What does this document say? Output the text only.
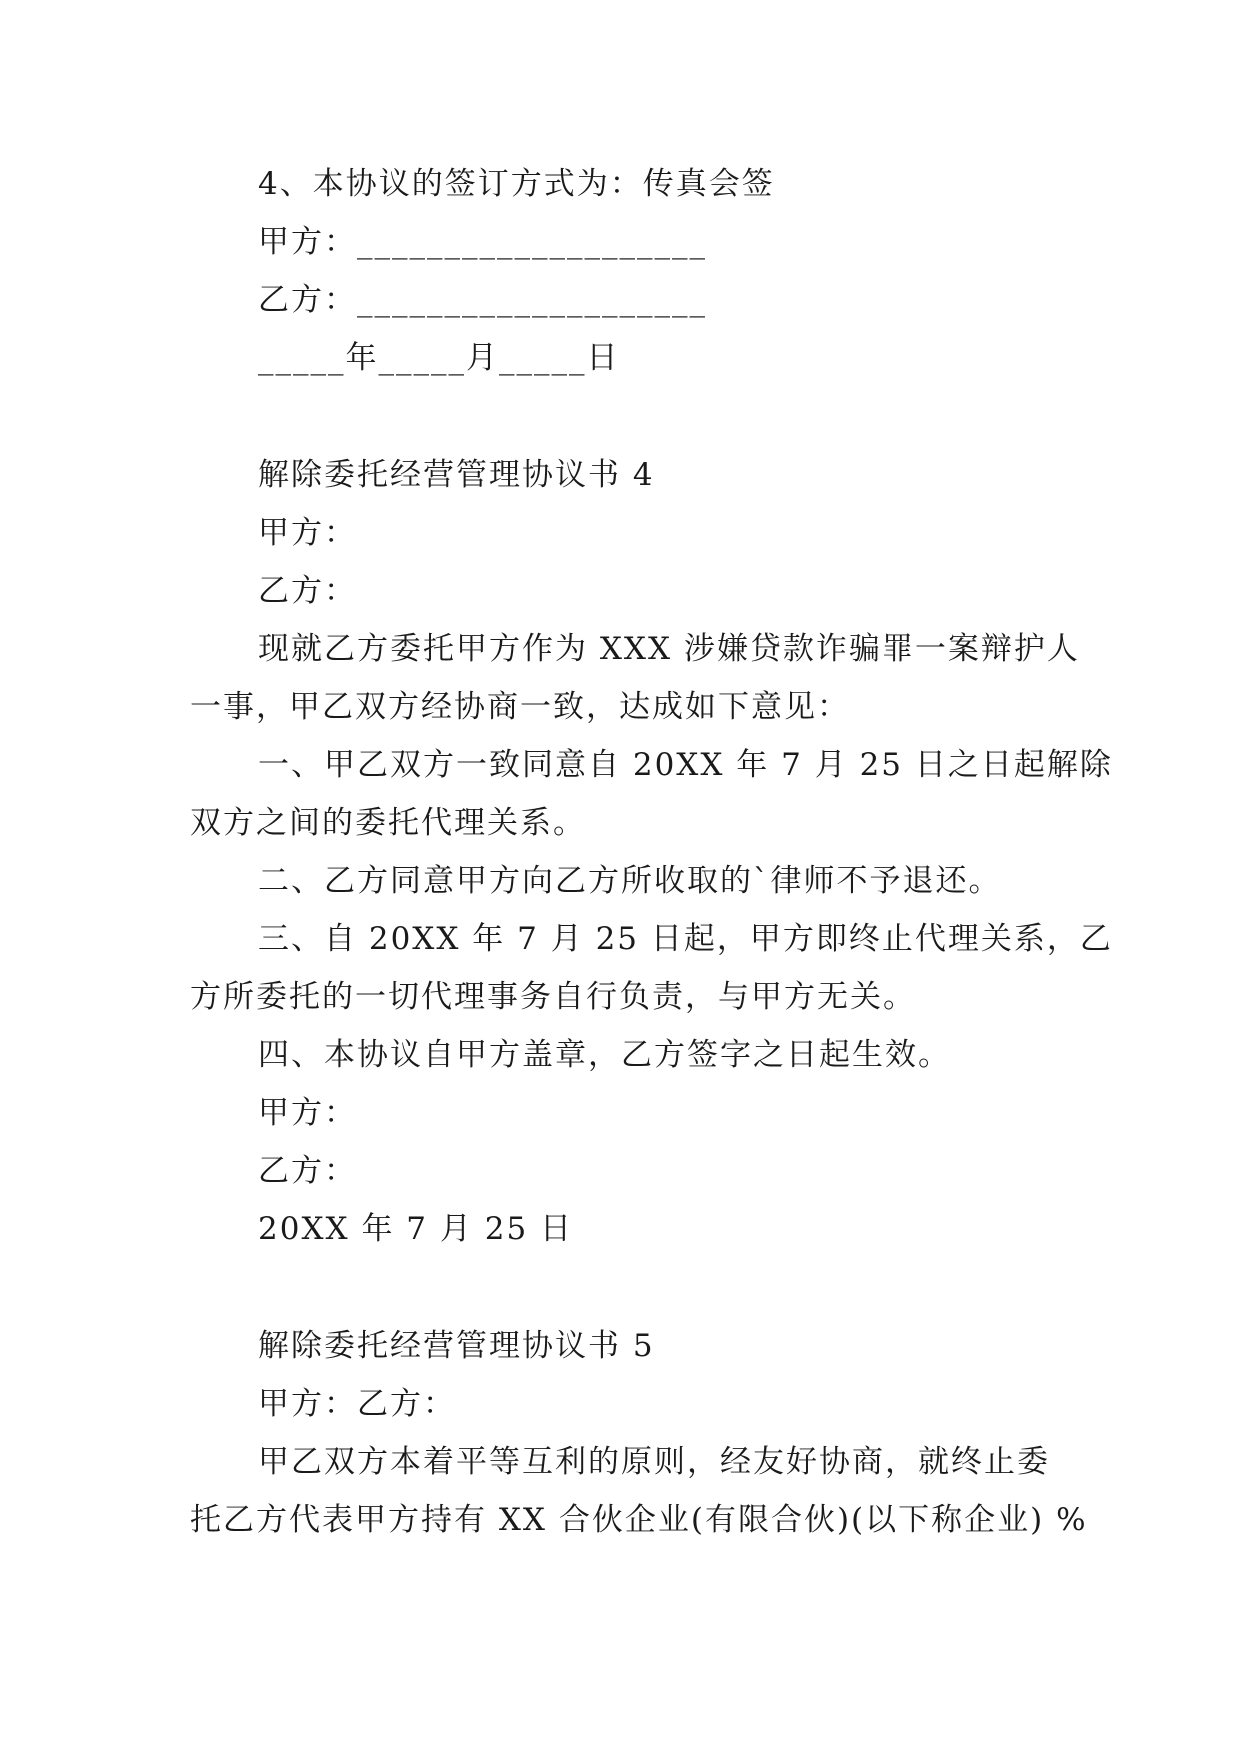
4、本协议的签订方式为：传真会签
甲方：____________________
乙方：____________________
_____年_____月_____日
解除委托经营管理协议书 4
甲方：
乙方：
现就乙方委托甲方作为 XXX 涉嫌贷款诈骗罪一案辩护人
一事，甲乙双方经协商一致，达成如下意见：
一、甲乙双方一致同意自 20XX 年 7 月 25 日之日起解除
双方之间的委托代理关系。
二、乙方同意甲方向乙方所收取的`律师不予退还。
三、自 20XX 年 7 月 25 日起，甲方即终止代理关系，乙
方所委托的一切代理事务自行负责，与甲方无关。
四、本协议自甲方盖章，乙方签字之日起生效。
甲方：
乙方：
20XX 年 7 月 25 日
解除委托经营管理协议书 5
甲方：乙方：
甲乙双方本着平等互利的原则，经友好协商，就终止委
托乙方代表甲方持有 XX 合伙企业(有限合伙)(以下称企业) %
